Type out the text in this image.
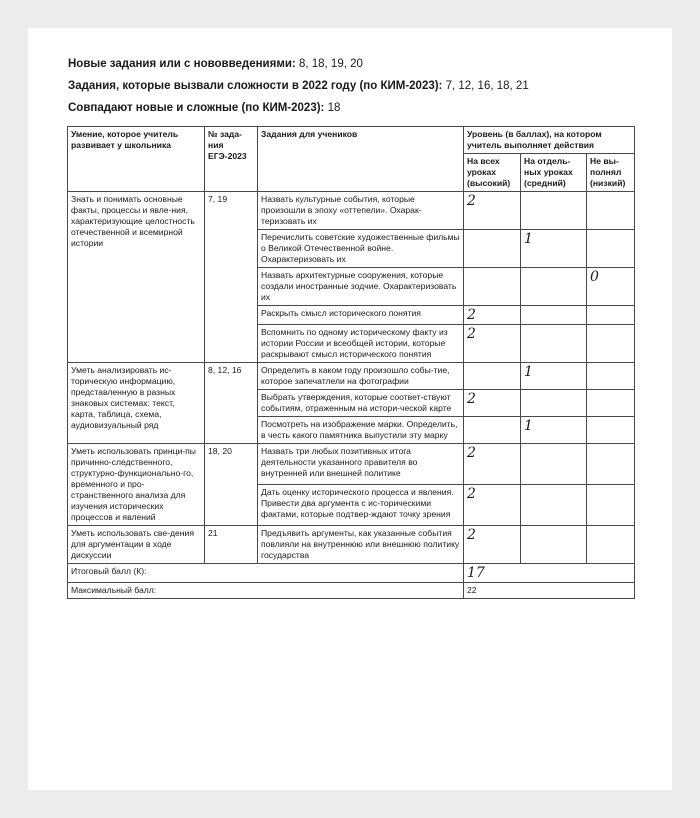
Новые задания или с нововведениями: 8, 18, 19, 20

Задания, которые вызвали сложности в 2022 году (по КИМ-2023): 7, 12, 16, 18, 21

Совпадают новые и сложные (по КИМ-2023): 18

Умение, которое учитель развивает у школьника	№ зада-ния ЕГЭ-2023	Задания для учеников	Уровень (в баллах), на котором учитель выполняет действия		
			На всех уроках (высокий)	На отдель-ных уроках (средний)	Не вы-полнял (низкий)
Знать и понимать основные факты, процессы и явле-ния, характеризующие целостность отечественной и всемирной истории	7, 19	Назвать культурные события, которые произошли в эпоху «оттепели». Охарак-теризовать их	2		
		Перечислить советские художественные фильмы о Великой Отечественной войне. Охарактеризовать их		1	
		Назвать архитектурные сооружения, которые создали иностранные зодчие. Охарактеризовать их			0
		Раскрыть смысл исторического понятия	2		
		Вспомнить по одному историческому факту из истории России и всеобщей истории, которые раскрывают смысл исторического понятия	2		
Уметь анализировать ис-торическую информацию, представленную в разных знаковых системах: текст, карта, таблица, схема, аудиовизуальный ряд	8, 12, 16	Определить в каком году произошло собы-тие, которое запечатлели на фотографии		1	
		Выбрать утверждения, которые соответ-ствуют событиям, отраженным на истори-ческой карте	2		
		Посмотреть на изображение марки. Определить, в честь какого памятника выпустили эту марку		1	
Уметь использовать принци-пы причинно-следственного, структурно-функционально-го, временного и про-странственного анализа для изучения исторических процессов и явлений	18, 20	Назвать три любых позитивных итога деятельности указанного правителя во внутренней или внешней политике	2		
		Дать оценку исторического процесса и явления. Привести два аргумента с ис-торическими фактами, которые подтвер-ждают точку зрения	2		
Уметь использовать све-дения для аргументации в ходе дискуссии	21	Предъявить аргументы, как указанные события повлияли на внутреннюю или внешнюю политику государства	2		
Итоговый балл (К):			17		
Максимальный балл:			22		
